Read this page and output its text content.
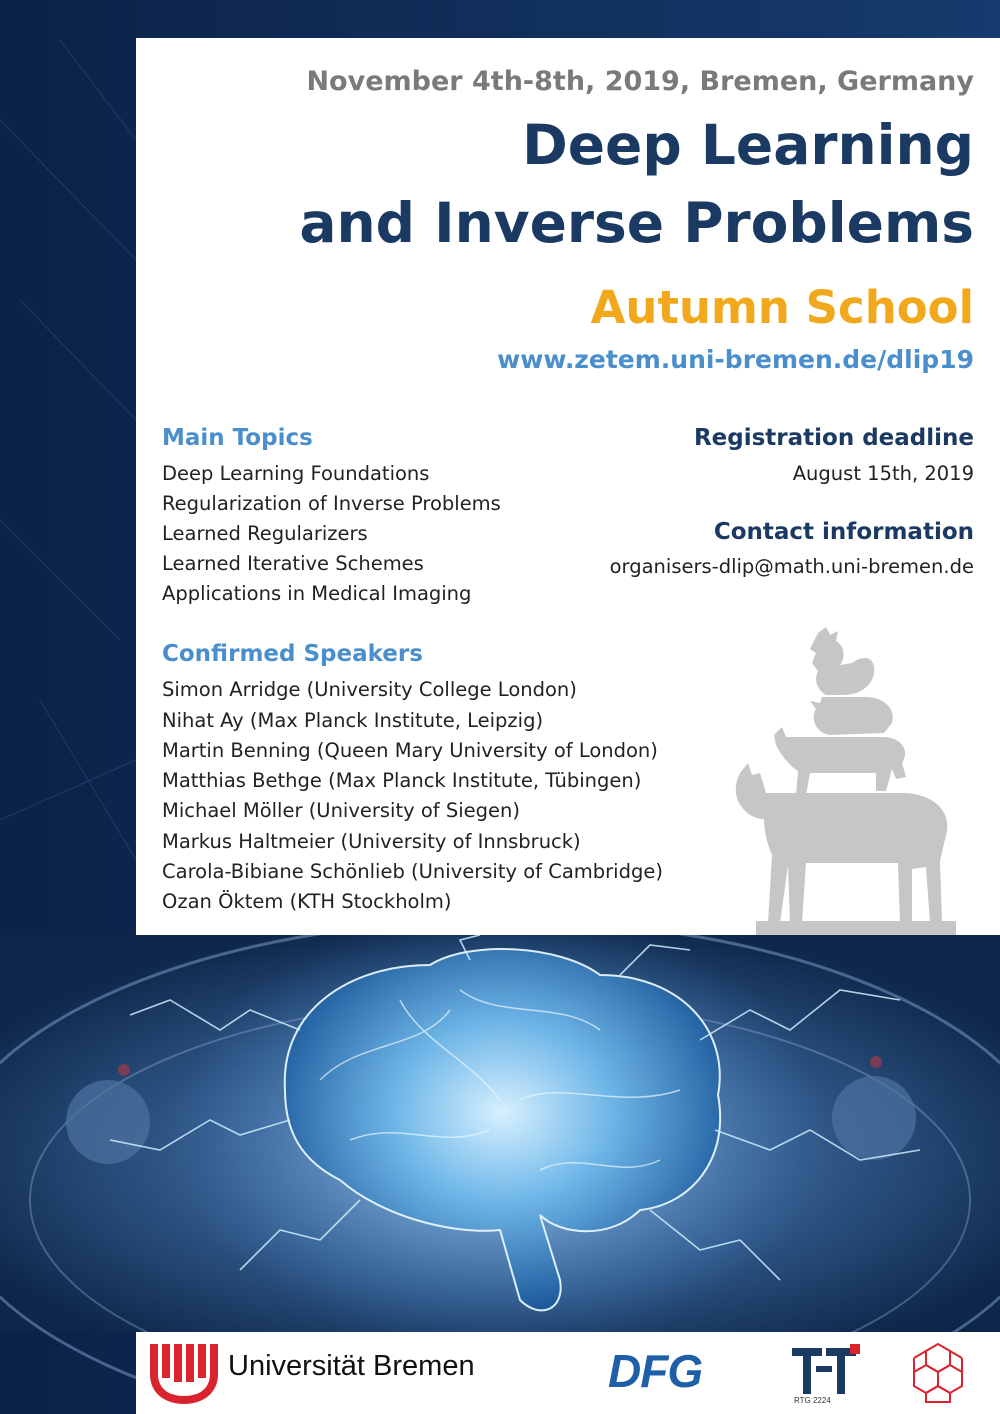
November 4th-8th, 2019, Bremen, Germany
Deep Learning
and Inverse Problems
Autumn School
www.zetem.uni-bremen.de/dlip19
Main Topics
Deep Learning Foundations
Regularization of Inverse Problems
Learned Regularizers
Learned Iterative Schemes
Applications in Medical Imaging
Registration deadline
August 15th, 2019
Contact information
organisers-dlip@math.uni-bremen.de
Confirmed Speakers
Simon Arridge (University College London)
Nihat Ay (Max Planck Institute, Leipzig)
Martin Benning (Queen Mary University of London)
Matthias Bethge (Max Planck Institute, Tübingen)
Michael Möller (University of Siegen)
Markus Haltmeier (University of Innsbruck)
Carola-Bibiane Schönlieb (University of Cambridge)
Ozan Öktem (KTH Stockholm)
Universität Bremen	DFG
RTG 2224
